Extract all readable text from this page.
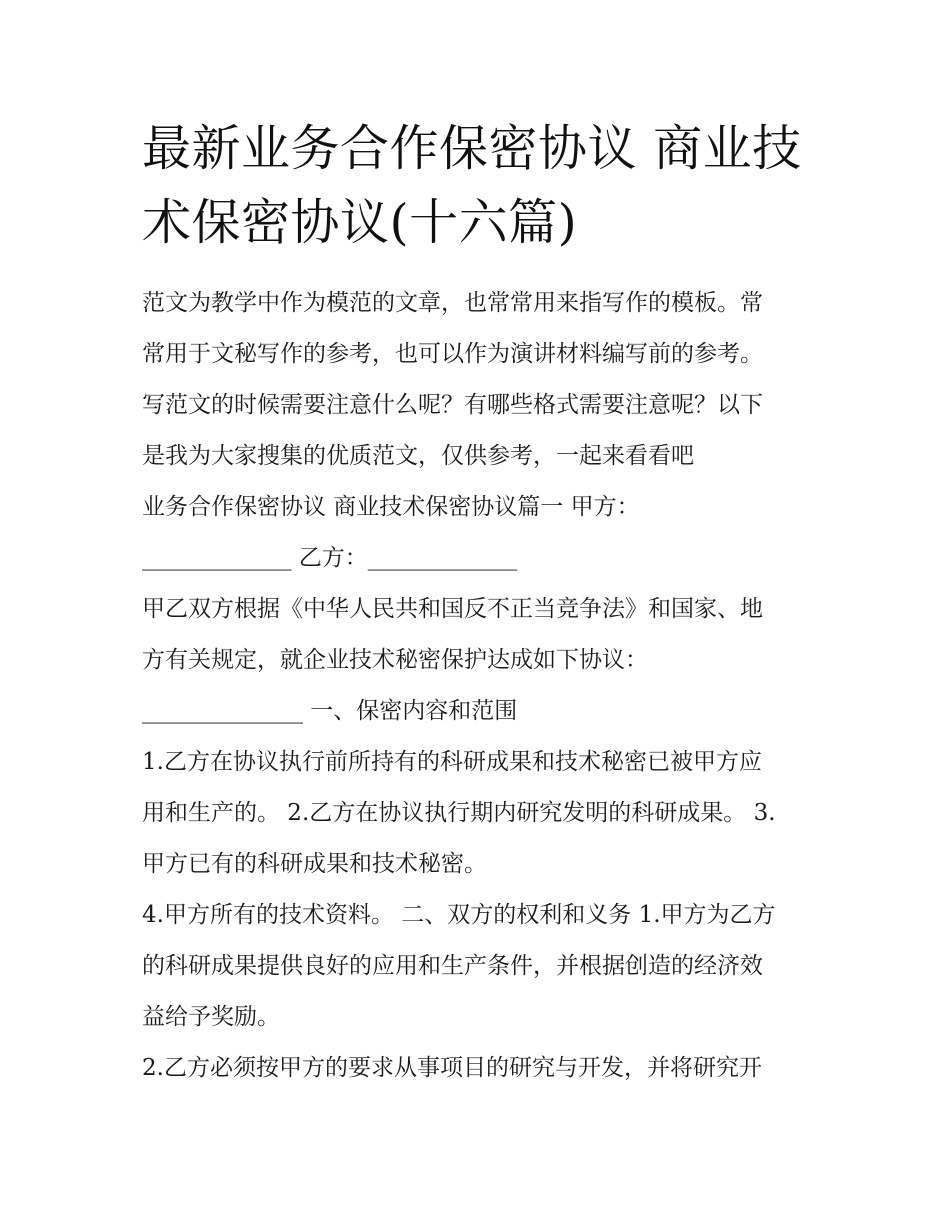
最新业务合作保密协议 商业技
术保密协议(十六篇)
范文为教学中作为模范的文章，也常常用来指写作的模板。常
常用于文秘写作的参考，也可以作为演讲材料编写前的参考。
写范文的时候需要注意什么呢？有哪些格式需要注意呢？以下
是我为大家搜集的优质范文，仅供参考，一起来看看吧
业务合作保密协议 商业技术保密协议篇一 甲方：
_____________ 乙方：_____________
甲乙双方根据《中华人民共和国反不正当竞争法》和国家、地
方有关规定，就企业技术秘密保护达成如下协议：
______________ 一、保密内容和范围
1.乙方在协议执行前所持有的科研成果和技术秘密已被甲方应
用和生产的。 2.乙方在协议执行期内研究发明的科研成果。 3.
甲方已有的科研成果和技术秘密。
4.甲方所有的技术资料。 二、双方的权利和义务 1.甲方为乙方
的科研成果提供良好的应用和生产条件，并根据创造的经济效
益给予奖励。
2.乙方必须按甲方的要求从事项目的研究与开发，并将研究开
